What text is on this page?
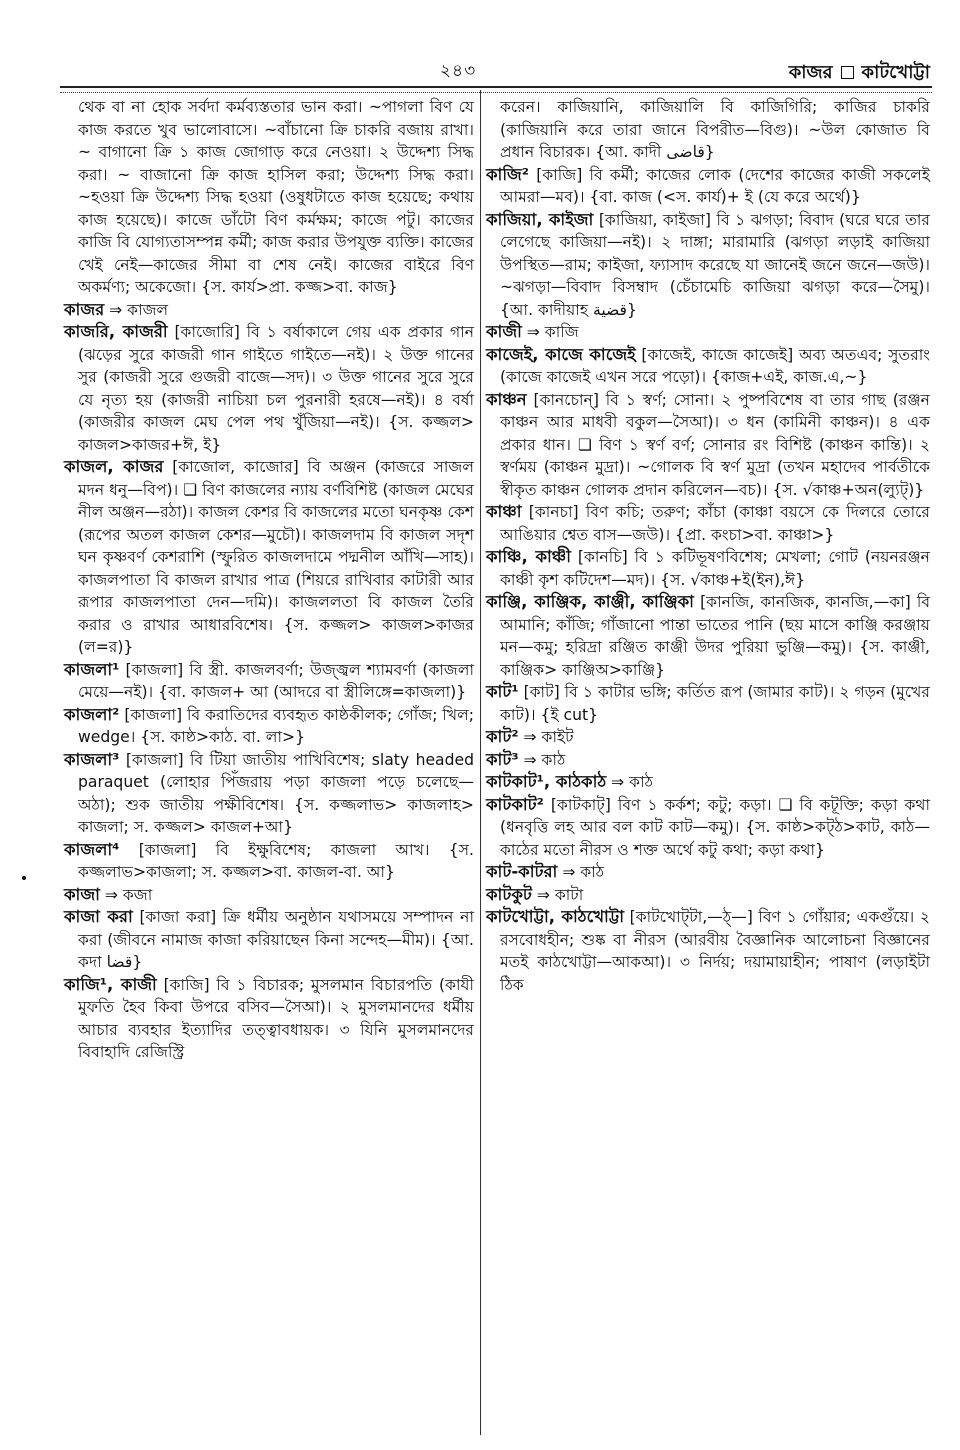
২৪৩	কাজর কাটখোট্টা

থেক বা না হোক সর্বদা কর্মব্যস্ততার ভান করা। ~পাগলা বিণ যে কাজ করতে খুব ভালোবাসে। ~বাঁচানো ক্রি চাকরি বজায় রাখা। ~ বাগানো ক্রি ১ কাজ জোগাড় করে নেওয়া। ২ উদ্দেশ্য সিদ্ধ করা। ~ বাজানো ক্রি কাজ হাসিল করা; উদ্দেশ্য সিদ্ধ করা। ~হওয়া ক্রি উদ্দেশ্য সিদ্ধ হওয়া (ওষুধটাতে কাজ হয়েছে; কথায় কাজ হয়েছে)। কাজে ডাঁটো বিণ কর্মক্ষম; কাজে পটু। কাজের কাজি বি যোগ্যতাসম্পন্ন কর্মী; কাজ করার উপযুক্ত ব্যক্তি। কাজের খেই নেই—কাজের সীমা বা শেষ নেই। কাজের বাইরে বিণ অকর্মণ্য; অকেজো। {স. কার্য>প্রা. কজ্জ>বা. কাজ}

কাজর ⇒ কাজল

কাজরি, কাজরী [কাজোরি] বি ১ বর্ষাকালে গেয় এক প্রকার গান (ঝড়ের সুরে কাজরী গান গাইতে গাইতে—নই)। ২ উক্ত গানের সুর (কাজরী সুরে গুজরী বাজে—সদ)। ৩ উক্ত গানের সুরে সুরে যে নৃত্য হয় (কাজরী নাচিয়া চল পুরনারী হরষে—নই)। ৪ বর্ষা (কাজরীর কাজল মেঘ পেল পথ খুঁজিয়া—নই)। {স. কজ্জল> কাজল>কাজর+ঈ, ই}

কাজল, কাজর [কাজোল, কাজোর] বি অঞ্জন (কাজরে সাজল মদন ধনু—বিপ)। ❏ বিণ কাজলের ন্যায় বর্ণবিশিষ্ট (কাজল মেঘের নীল অঞ্জন—রঠা)। কাজল কেশর বি কাজলের মতো ঘনকৃষ্ণ কেশ (রূপের অতল কাজল কেশর—মুচৌ)। কাজলদাম বি কাজল সদৃশ ঘন কৃষ্ণবর্ণ কেশরাশি (স্ফুরিত কাজলদামে পদ্মনীল আঁখি—সাহ)। কাজলপাতা বি কাজল রাখার পাত্র (শিয়রে রাখিবার কাটারী আর রূপার কাজলপাতা দেন—দমি)। কাজললতা বি কাজল তৈরি করার ও রাখার আধারবিশেষ। {স. কজ্জল> কাজল>কাজর (ল=র)}

কাজলা¹ [কাজলা] বি স্ত্রী. কাজলবর্ণা; উজ্জ্বল শ্যামবর্ণা (কাজলা মেয়ে—নই)। {বা. কাজল+ আ (আদরে বা স্ত্রীলিঙ্গে=কাজলা)}

কাজলা² [কাজলা] বি করাতিদের ব্যবহৃত কাষ্ঠকীলক; গোঁজ; খিল; wedge। {স. কাষ্ঠ>কাঠ. বা. লা>}

কাজলা³ [কাজলা] বি টিয়া জাতীয় পাখিবিশেষ; slaty headed paraquet (লোহার পিঁজরায় পড়া কাজলা পড়ে চলেছে—অঠা); শুক জাতীয় পক্ষীবিশেষ। {স. কজ্জলাভ> কাজলাহ> কাজলা; স. কজ্জল> কাজল+আ}

কাজলা⁴ [কাজলা] বি ইক্ষুবিশেষ; কাজলা আখ। {স. কজ্জলাভ>কাজলা; স. কজ্জল>বা. কাজল-বা. আ}

কাজা ⇒ কজা

কাজা করা [কাজা করা] ক্রি ধর্মীয় অনুষ্ঠান যথাসময়ে সম্পাদন না করা (জীবনে নামাজ কাজা করিয়াছেন কিনা সন্দেহ—মীম)। {আ. কদা قضا}

কাজি¹, কাজী [কাজি] বি ১ বিচারক; মুসলমান বিচারপতি (কাযী মুফতি হৈব কিবা উপরে বসিব—সৈআ)। ২ মুসলমানদের ধর্মীয় আচার ব্যবহার ইত্যাদির তত্ত্বাবধায়ক। ৩ যিনি মুসলমানদের বিবাহাদি রেজিস্ট্রি

করেন। কাজিয়ানি, কাজিয়ালি বি কাজিগিরি; কাজির চাকরি (কাজিয়ানি করে তারা জানে বিপরীত—বিগু)। ~উল কোজাত বি প্রধান বিচারক। {আ. কাদী قاضی}

কাজি² [কাজি] বি কর্মী; কাজের লোক (দেশের কাজের কাজী সকলেই আমরা—মব)। {বা. কাজ (<স. কার্য)+ ই (যে করে অর্থে)}

কাজিয়া, কাইজা [কাজিয়া, কাইজা] বি ১ ঝগড়া; বিবাদ (ঘরে ঘরে তার লেগেছে কাজিয়া—নই)। ২ দাঙ্গা; মারামারি (ঝগড়া লড়াই কাজিয়া উপস্থিত—রাম; কাইজা, ফ্যাসাদ করেছে যা জানেই জনে জনে—জউ)। ~ঝগড়া—বিবাদ বিসম্বাদ (চেঁচামেচি কাজিয়া ঝগড়া করে—সৈমু)। {আ. কাদীয়াহ قضية}

কাজী ⇒ কাজি

কাজেই, কাজে কাজেই [কাজেই, কাজে কাজেই] অব্য অতএব; সুতরাং (কাজে কাজেই এখন সরে পড়ো)। {কাজ+এই, কাজ.এ,~}

কাঞ্চন [কানচোন্] বি ১ স্বর্ণ; সোনা। ২ পুষ্পবিশেষ বা তার গাছ (রঞ্জন কাঞ্চন আর মাধবী বকুল—সৈআ)। ৩ ধন (কামিনী কাঞ্চন)। ৪ এক প্রকার ধান। ❏ বিণ ১ স্বর্ণ বর্ণ; সোনার রং বিশিষ্ট (কাঞ্চন কান্তি)। ২ স্বর্ণময় (কাঞ্চন মুদ্রা)। ~গোলক বি স্বর্ণ মুদ্রা (তখন মহাদেব পার্বতীকে স্বীকৃত কাঞ্চন গোলক প্রদান করিলেন—বচ)। {স. √কাঞ্চ+অন(ল্যুট্)}

কাঞ্চা [কানচা] বিণ কচি; তরুণ; কাঁচা (কাঞ্চা বয়সে কে দিলরে তোরে আঙিয়ার শ্বেত বাস—জউ)। {প্রা. কংচা>বা. কাঞ্চা>}

কাঞ্চি, কাঞ্চী [কানচি] বি ১ কটিভূষণবিশেষ; মেখলা; গোট (নয়নরঞ্জন কাঞ্চী কৃশ কটিদেশ—মদ)। {স. √কাঞ্চ+ই(ইন),ঈ}

কাঞ্জি, কাঞ্জিক, কাঞ্জী, কাঞ্জিকা [কানজি, কানজিক, কানজি,—কা] বি আমানি; কাঁজি; গাঁজানো পান্তা ভাতের পানি (ছয় মাসে কাঞ্জি করঞ্জায় মন—কমু; হরিদ্রা রঞ্জিত কাঞ্জী উদর পুরিয়া ভুঞ্জি—কমু)। {স. কাঞ্জী, কাঞ্জিক> কাঞ্জিঅ>কাঞ্জি}

কাট¹ [কাট] বি ১ কাটার ভঙ্গি; কর্তিত রূপ (জামার কাট)। ২ গড়ন (মুখের কাট)। {ই cut}

কাট² ⇒ কাইট

কাট³ ⇒ কাঠ

কাটকাট¹, কাঠকাঠ ⇒ কাঠ

কাটকাট² [কাটকাট্] বিণ ১ কর্কশ; কটু; কড়া। ❏ বি কটূক্তি; কড়া কথা (ধনবৃত্তি লহ আর বল কাট কাট—কমু)। {স. কাষ্ঠ>কট্ঠ>কাট, কাঠ—কাঠের মতো নীরস ও শক্ত অর্থে কটু কথা; কড়া কথা}

কাট-কাটরা ⇒ কাঠ

কাটকুট ⇒ কাটা

কাটখোট্টা, কাঠখোট্টা [কাটখোট্‌টা,—ঠ্—] বিণ ১ গোঁয়ার; একগুঁয়ে। ২ রসবোধহীন; শুষ্ক বা নীরস (আরবীয় বৈজ্ঞানিক আলোচনা বিজ্ঞানের মতই কাঠখোট্টা—আকআ)। ৩ নির্দয়; দয়ামায়াহীন; পাষাণ (লড়াইটা ঠিক
